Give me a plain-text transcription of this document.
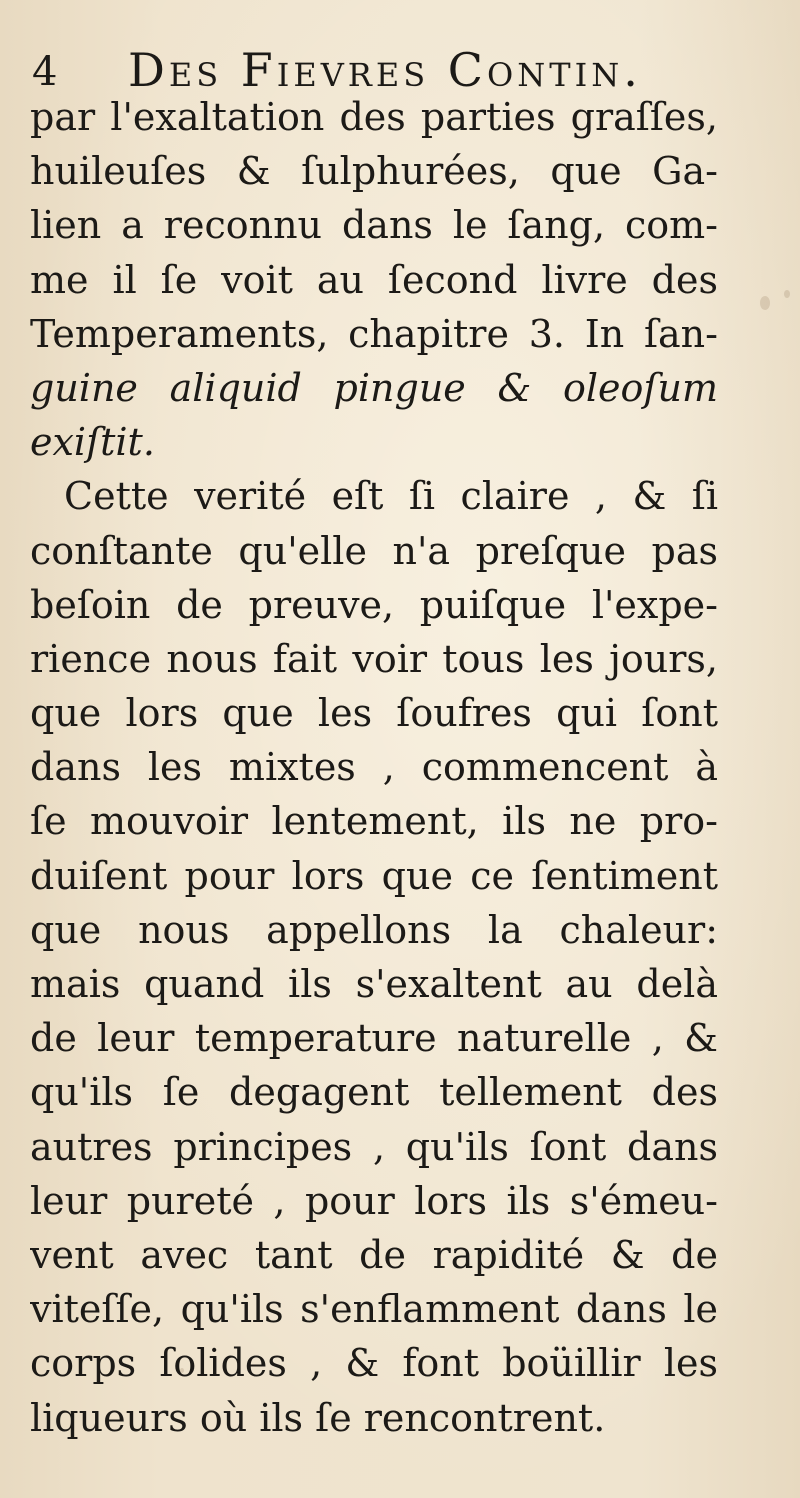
4 Des Fievres Contin.
par l'exaltation des parties graſſes,
huileuſes & ſulphurées, que Ga-
lien a reconnu dans le ſang, com-
me il ſe voit au ſecond livre des
Temperaments, chapitre 3. In ſan-
guine aliquid pingue & oleoſum
exiſtit.
Cette verité eſt ſi claire , & ſi
conſtante qu'elle n'a preſque pas
beſoin de preuve, puiſque l'expe-
rience nous fait voir tous les jours,
que lors que les ſoufres qui ſont
dans les mixtes , commencent à
ſe mouvoir lentement, ils ne pro-
duiſent pour lors que ce ſentiment
que nous appellons la chaleur:
mais quand ils s'exaltent au delà
de leur temperature naturelle , &
qu'ils ſe degagent tellement des
autres principes , qu'ils ſont dans
leur pureté , pour lors ils s'émeu-
vent avec tant de rapidité & de
viteſſe, qu'ils s'enflamment dans le
corps ſolides , & font boüillir les
liqueurs où ils ſe rencontrent.
